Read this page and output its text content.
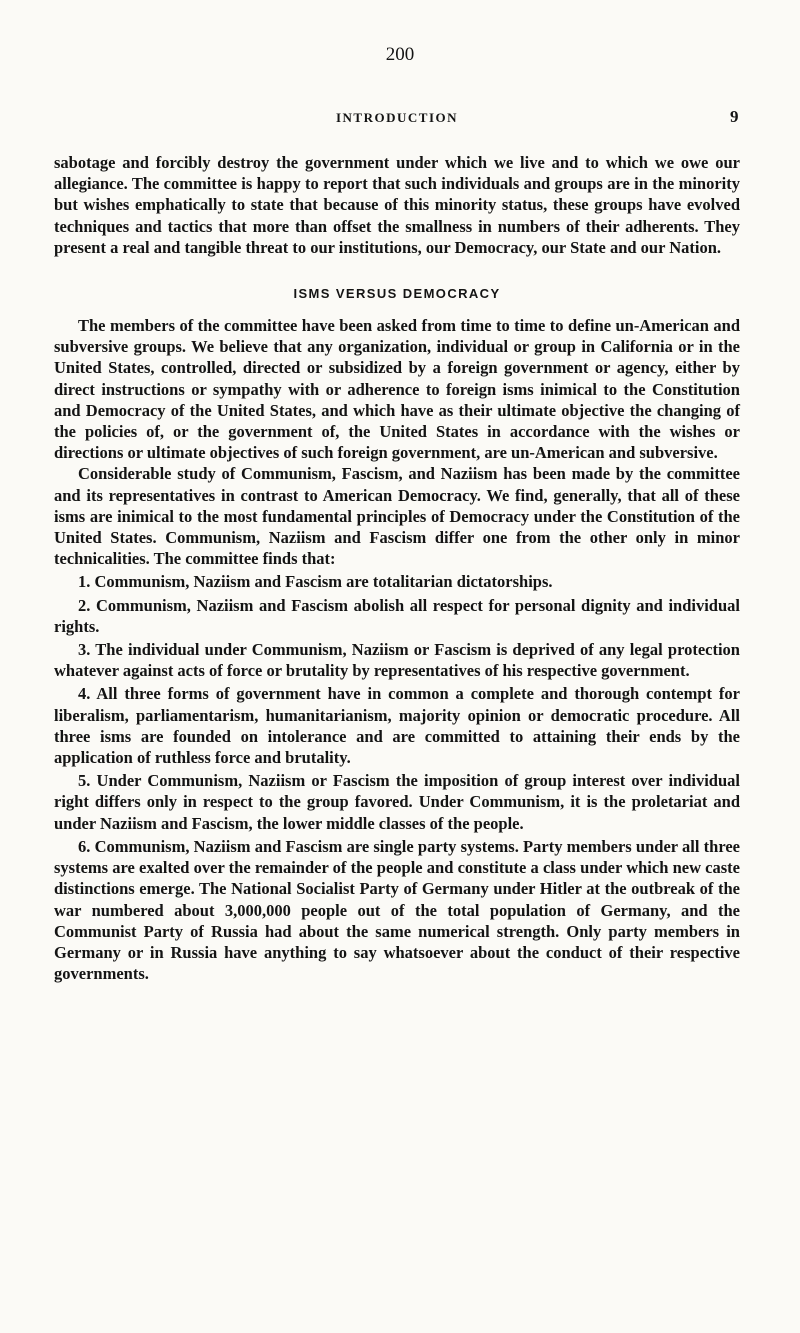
200
INTRODUCTION	9

sabotage and forcibly destroy the government under which we live and to which we owe our allegiance. The committee is happy to report that such individuals and groups are in the minority but wishes emphatically to state that because of this minority status, these groups have evolved techniques and tactics that more than offset the smallness in numbers of their adherents. They present a real and tangible threat to our institutions, our Democracy, our State and our Nation.

ISMS VERSUS DEMOCRACY

The members of the committee have been asked from time to time to define un-American and subversive groups. We believe that any organization, individual or group in California or in the United States, controlled, directed or subsidized by a foreign government or agency, either by direct instructions or sympathy with or adherence to foreign isms inimical to the Constitution and Democracy of the United States, and which have as their ultimate objective the changing of the policies of, or the government of, the United States in accordance with the wishes or directions or ultimate objectives of such foreign government, are un-American and subversive.

Considerable study of Communism, Fascism, and Naziism has been made by the committee and its representatives in contrast to American Democracy. We find, generally, that all of these isms are inimical to the most fundamental principles of Democracy under the Constitution of the United States. Communism, Naziism and Fascism differ one from the other only in minor technicalities. The committee finds that:

1. Communism, Naziism and Fascism are totalitarian dictatorships.

2. Communism, Naziism and Fascism abolish all respect for personal dignity and individual rights.

3. The individual under Communism, Naziism or Fascism is deprived of any legal protection whatever against acts of force or brutality by representatives of his respective government.

4. All three forms of government have in common a complete and thorough contempt for liberalism, parliamentarism, humanitarianism, majority opinion or democratic procedure. All three isms are founded on intolerance and are committed to attaining their ends by the application of ruthless force and brutality.

5. Under Communism, Naziism or Fascism the imposition of group interest over individual right differs only in respect to the group favored. Under Communism, it is the proletariat and under Naziism and Fascism, the lower middle classes of the people.

6. Communism, Naziism and Fascism are single party systems. Party members under all three systems are exalted over the remainder of the people and constitute a class under which new caste distinctions emerge. The National Socialist Party of Germany under Hitler at the outbreak of the war numbered about 3,000,000 people out of the total population of Germany, and the Communist Party of Russia had about the same numerical strength. Only party members in Germany or in Russia have anything to say whatsoever about the conduct of their respective governments.
